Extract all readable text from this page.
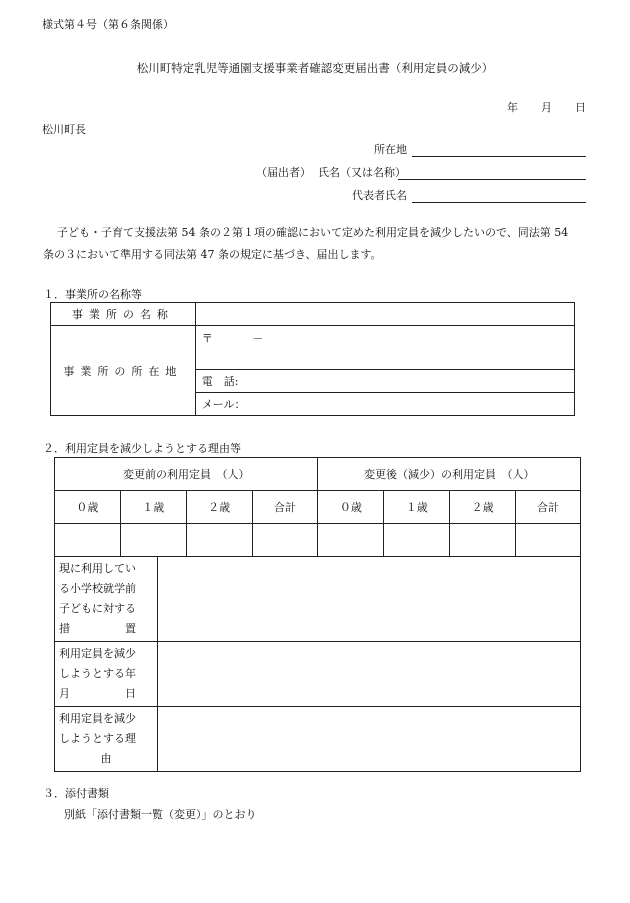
様式第４号（第６条関係）
松川町特定乳児等通園支援事業者確認変更届出書（利用定員の減少）
年 月 日
松川町長
所在地
（届出者） 氏名（又は名称）
代表者氏名
子ども・子育て支援法第 54 条の２第１項の確認において定めた利用定員を減少したいので、同法第 54
条の３において準用する同法第 47 条の規定に基づき、届出します。
１．事業所の名称等
事業所の名称	
事業所の所在地	〒 －
	電　話:
	メール：
２．利用定員を減少しようとする理由等
変更前の利用定員　（人）				変更後（減少）の利用定員　（人）			
０歳	１歳	２歳	合計	０歳	１歳	２歳	合計

現に利用してい
る小学校就学前
子どもに対する
措　　　　　置	

利用定員を減少
しようとする年
月　　　　　日	

利用定員を減少
しようとする理
由	

３．添付書類
別紙「添付書類一覧（変更）」のとおり
